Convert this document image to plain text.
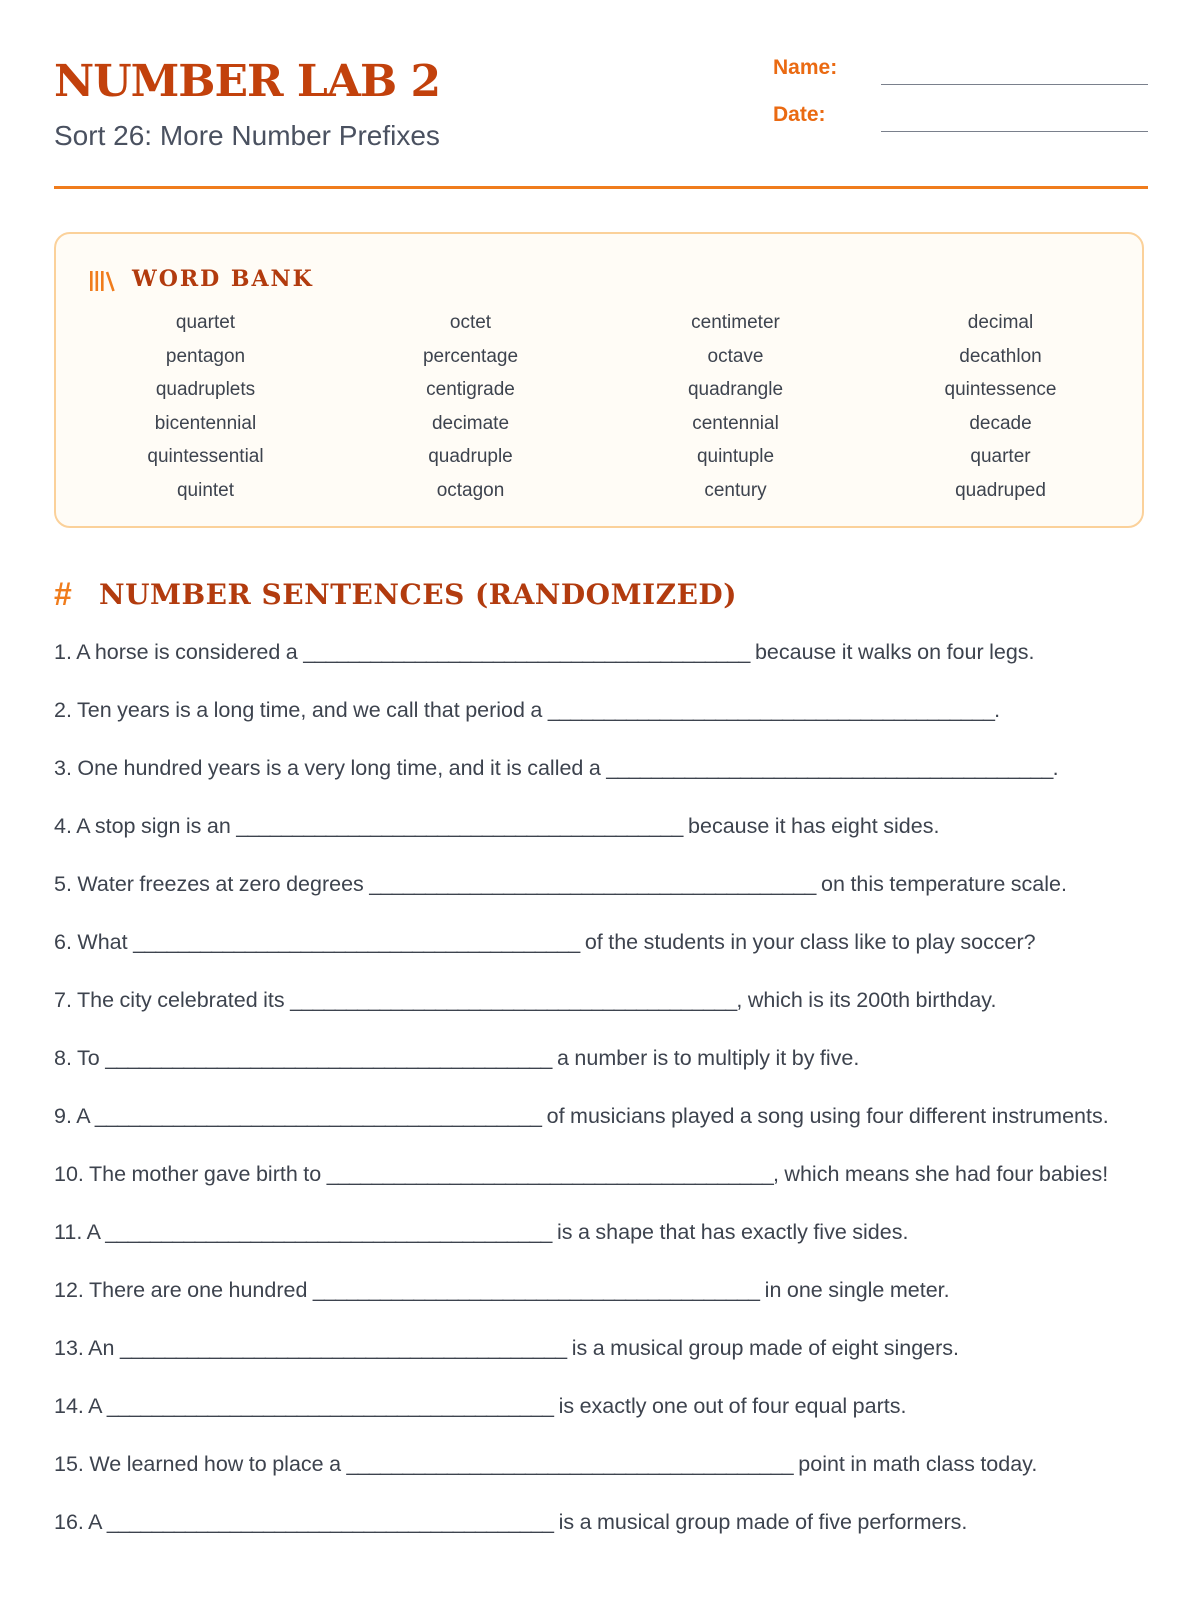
NUMBER LAB 2
Sort 26: More Number Prefixes
Name:
Date:
WORD BANK
quartet	octet	centimeter	decimal
pentagon	percentage	octave	decathlon
quadruplets	centigrade	quadrangle	quintessence
bicentennial	decimate	centennial	decade
quintessential	quadruple	quintuple	quarter
quintet	octagon	century	quadruped
# NUMBER SENTENCES (RANDOMIZED)

1. A horse is considered a ________________________________________ because it walks on four legs.

2. Ten years is a long time, and we call that period a ________________________________________.

3. One hundred years is a very long time, and it is called a ________________________________________.

4. A stop sign is an ________________________________________ because it has eight sides.

5. Water freezes at zero degrees ________________________________________ on this temperature scale.

6. What ________________________________________ of the students in your class like to play soccer?

7. The city celebrated its ________________________________________, which is its 200th birthday.

8. To ________________________________________ a number is to multiply it by five.

9. A ________________________________________ of musicians played a song using four different instruments.

10. The mother gave birth to ________________________________________, which means she had four babies!

11. A ________________________________________ is a shape that has exactly five sides.

12. There are one hundred ________________________________________ in one single meter.

13. An ________________________________________ is a musical group made of eight singers.

14. A ________________________________________ is exactly one out of four equal parts.

15. We learned how to place a ________________________________________ point in math class today.

16. A ________________________________________ is a musical group made of five performers.
